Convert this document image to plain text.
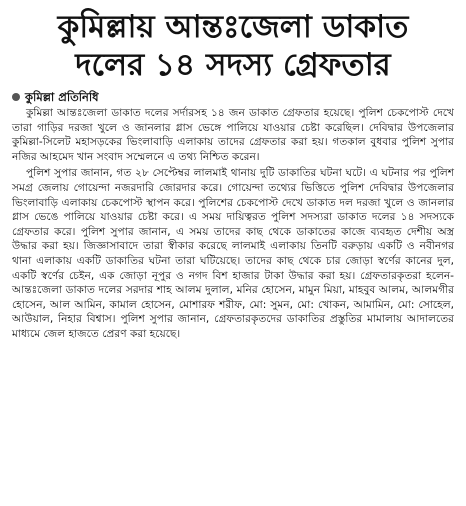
কুমিল্লায় আন্তঃজেলা ডাকাত
দলের ১৪ সদস্য গ্রেফতার
কুমিল্লা প্রতিনিধি

কুমিল্লা আন্তঃজেলা ডাকাত দলের সর্দারসহ ১৪ জন ডাকাত গ্রেফতার হয়েছে। পুলিশ চেকপোস্ট দেখে তারা গাড়ির দরজা খুলে ও জানলার গ্লাস ভেঙ্গে পালিয়ে যাওয়ার চেষ্টা করেছিল। দেবিদ্বার উপজেলার কুমিল্লা-সিলেট মহাসড়কের ভিংলাবাড়ি এলাকায় তাদের গ্রেফতার করা হয়। গতকাল বুধবার পুলিশ সুপার নজির আহমেদ খান সংবাদ সম্মেলনে এ তথ্য নিশ্চিত করেন।

পুলিশ সুপার জানান, গত ২৮ সেপ্টেম্বর লালমাই থানায় দুটি ডাকাতির ঘটনা ঘটে। এ ঘটনার পর পুলিশ সমগ্র জেলায় গোয়েন্দা নজরদারি জোরদার করে। গোয়েন্দা তথ্যের ভিত্তিতে পুলিশ দেবিদ্বার উপজেলার ভিংলাবাড়ি এলাকায় চেকপোস্ট স্থাপন করে। পুলিশের চেকপোস্ট দেখে ডাকাত দল দরজা খুলে ও জানলার গ্লাস ভেঙে পালিয়ে যাওয়ার চেষ্টা করে। এ সময় দায়িত্বরত পুলিশ সদস্যরা ডাকাত দলের ১৪ সদস্যকে গ্রেফতার করে। পুলিশ সুপার জানান, এ সময় তাদের কাছ থেকে ডাকাতের কাজে ব্যবহৃত দেশীয় অস্ত্র উদ্ধার করা হয়। জিজ্ঞাসাবাদে তারা স্বীকার করেছে লালমাই এলাকায় তিনটি বরুড়ায় একটি ও নবীনগর থানা এলাকায় একটি ডাকাতির ঘটনা তারা ঘটিয়েছে। তাদের কাছ থেকে চার জোড়া স্বর্ণের কানের দুল, একটি স্বর্ণের চেইন, এক জোড়া নূপুর ও নগদ বিশ হাজার টাকা উদ্ধার করা হয়। গ্রেফতারকৃতরা হলেন- আন্তঃজেলা ডাকাত দলের সরদার শাহ আলম দুলাল, মনির হোসেন, মামুন মিয়া, মাহবুব আলম, আলমগীর হোসেন, আল আমিন, কামাল হোসেন, মোশারফ শরীফ, মো: সুমন, মো: খোকন, আমামিন, মো: সোহেল, আউয়াল, নিহার বিশ্বাস। পুলিশ সুপার জানান, গ্রেফতারকৃতদের ডাকাতির প্রস্তুতির মামালায় আদালতের মাধ্যমে জেল হাজতে প্রেরণ করা হয়েছে।
